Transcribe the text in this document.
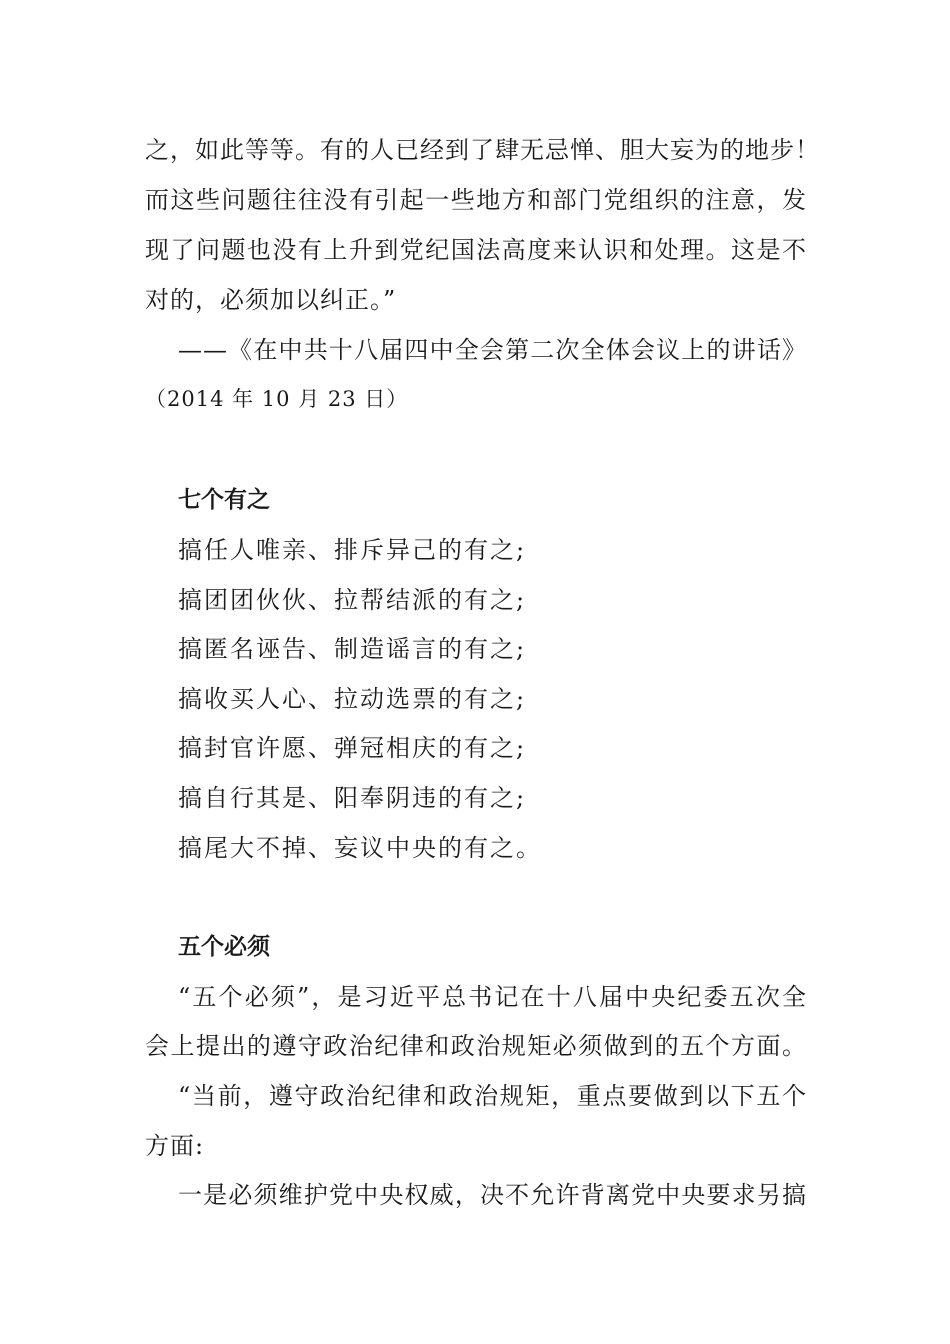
之，如此等等。有的人已经到了肆无忌惮、胆大妄为的地步！
而这些问题往往没有引起一些地方和部门党组织的注意，发
现了问题也没有上升到党纪国法高度来认识和处理。这是不
对的，必须加以纠正。”
——《在中共十八届四中全会第二次全体会议上的讲话》
（2014 年 10 月 23 日）
七个有之
搞任人唯亲、排斥异己的有之;
搞团团伙伙、拉帮结派的有之;
搞匿名诬告、制造谣言的有之;
搞收买人心、拉动选票的有之;
搞封官许愿、弹冠相庆的有之;
搞自行其是、阳奉阴违的有之;
搞尾大不掉、妄议中央的有之。
五个必须
“五个必须”，是习近平总书记在十八届中央纪委五次全
会上提出的遵守政治纪律和政治规矩必须做到的五个方面。
“当前，遵守政治纪律和政治规矩，重点要做到以下五个
方面:
一是必须维护党中央权威，决不允许背离党中央要求另搞
